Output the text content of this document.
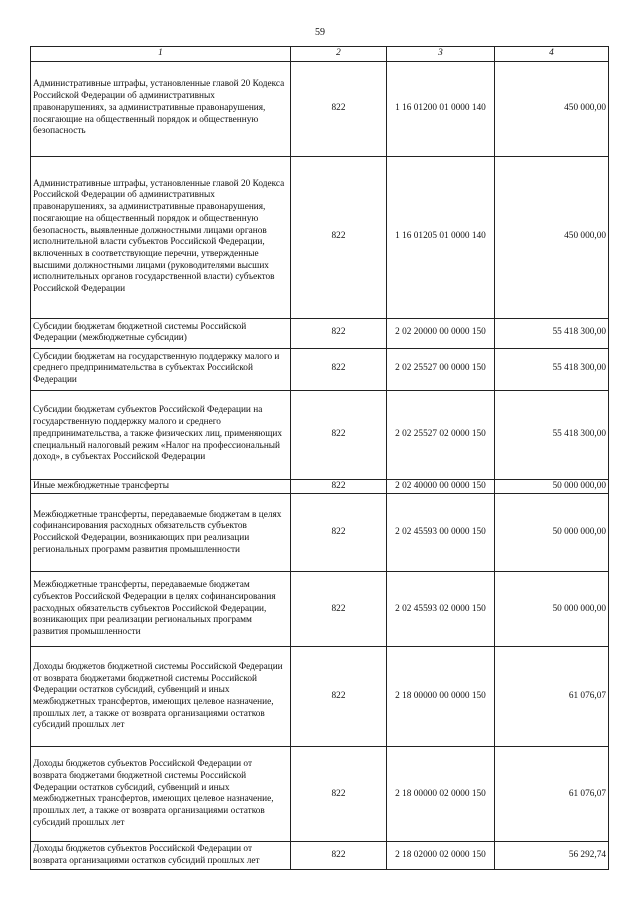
59
1	2	3	4
Административные штрафы, установленные главой 20 Кодекса Российской Федерации об административных правонарушениях, за административные правонарушения, посягающие на общественный порядок и общественную безопасность	822	1 16 01200 01 0000 140	450 000,00
Административные штрафы, установленные главой 20 Кодекса Российской Федерации об административных правонарушениях, за административные правонарушения, посягающие на общественный порядок и общественную безопасность, выявленные должностными лицами органов исполнительной власти субъектов Российской Федерации, включенных в соответствующие перечни, утвержденные высшими должностными лицами (руководителями высших исполнительных органов государственной власти) субъектов Российской Федерации	822	1 16 01205 01 0000 140	450 000,00
Субсидии бюджетам бюджетной системы Российской Федерации (межбюджетные субсидии)	822	2 02 20000 00 0000 150	55 418 300,00
Субсидии бюджетам на государственную поддержку малого и среднего предпринимательства в субъектах Российской Федерации	822	2 02 25527 00 0000 150	55 418 300,00
Субсидии бюджетам субъектов Российской Федерации на государственную поддержку малого и среднего предпринимательства, а также физических лиц, применяющих специальный налоговый режим «Налог на профессиональный доход», в субъектах Российской Федерации	822	2 02 25527 02 0000 150	55 418 300,00
Иные межбюджетные трансферты	822	2 02 40000 00 0000 150	50 000 000,00
Межбюджетные трансферты, передаваемые бюджетам в целях софинансирования расходных обязательств субъектов Российской Федерации, возникающих при реализации региональных программ развития промышленности	822	2 02 45593 00 0000 150	50 000 000,00
Межбюджетные трансферты, передаваемые бюджетам субъектов Российской Федерации в целях софинансирования расходных обязательств субъектов Российской Федерации, возникающих при реализации региональных программ развития промышленности	822	2 02 45593 02 0000 150	50 000 000,00
Доходы бюджетов бюджетной системы Российской Федерации от возврата бюджетами бюджетной системы Российской Федерации остатков субсидий, субвенций и иных межбюджетных трансфертов, имеющих целевое назначение, прошлых лет, а также от возврата организациями остатков субсидий прошлых лет	822	2 18 00000 00 0000 150	61 076,07
Доходы бюджетов субъектов Российской Федерации от возврата бюджетами бюджетной системы Российской Федерации остатков субсидий, субвенций и иных межбюджетных трансфертов, имеющих целевое назначение, прошлых лет, а также от возврата организациями остатков субсидий прошлых лет	822	2 18 00000 02 0000 150	61 076,07
Доходы бюджетов субъектов Российской Федерации от возврата организациями остатков субсидий прошлых лет	822	2 18 02000 02 0000 150	56 292,74
